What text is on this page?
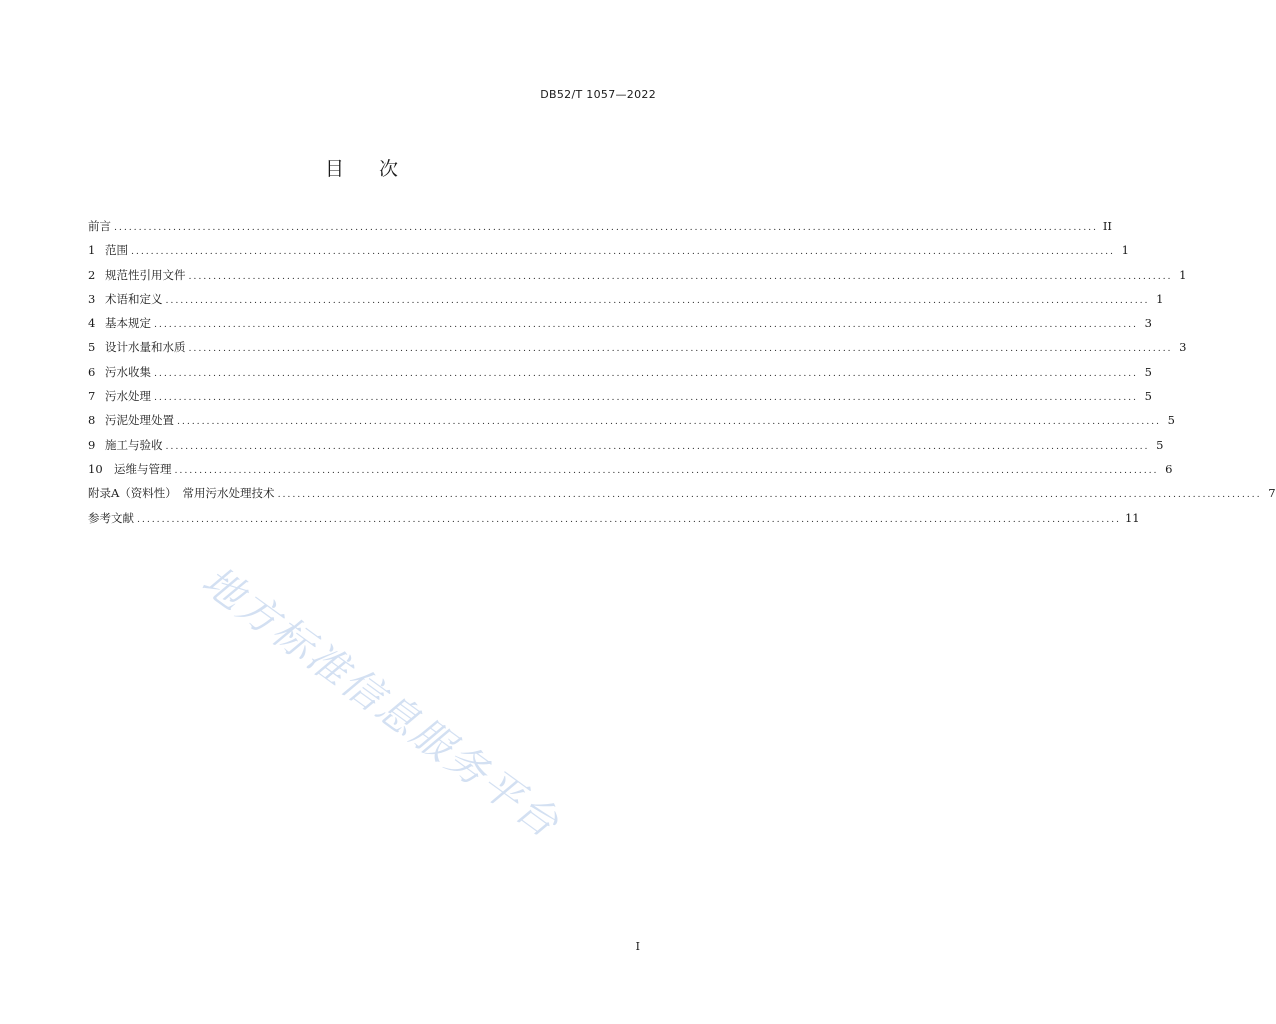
DB52/T 1057—2022
目 次
前言 ........................................................................................................................................................................................................ II
1 范围 ........................................................................................................................................................................................................ 1
2 规范性引用文件 ........................................................................................................................................................................................................ 1
3 术语和定义 ........................................................................................................................................................................................................ 1
4 基本规定 ........................................................................................................................................................................................................ 3
5 设计水量和水质 ........................................................................................................................................................................................................ 3
6 污水收集 ........................................................................................................................................................................................................ 5
7 污水处理 ........................................................................................................................................................................................................ 5
8 污泥处理处置 ........................................................................................................................................................................................................ 5
9 施工与验收 ........................................................................................................................................................................................................ 5
10 运维与管理 ........................................................................................................................................................................................................ 6
附录A（资料性）　常用污水处理技术 ........................................................................................................................................................................................................ 7
参考文献 ........................................................................................................................................................................................................ 11
地方标准信息服务平台
I
